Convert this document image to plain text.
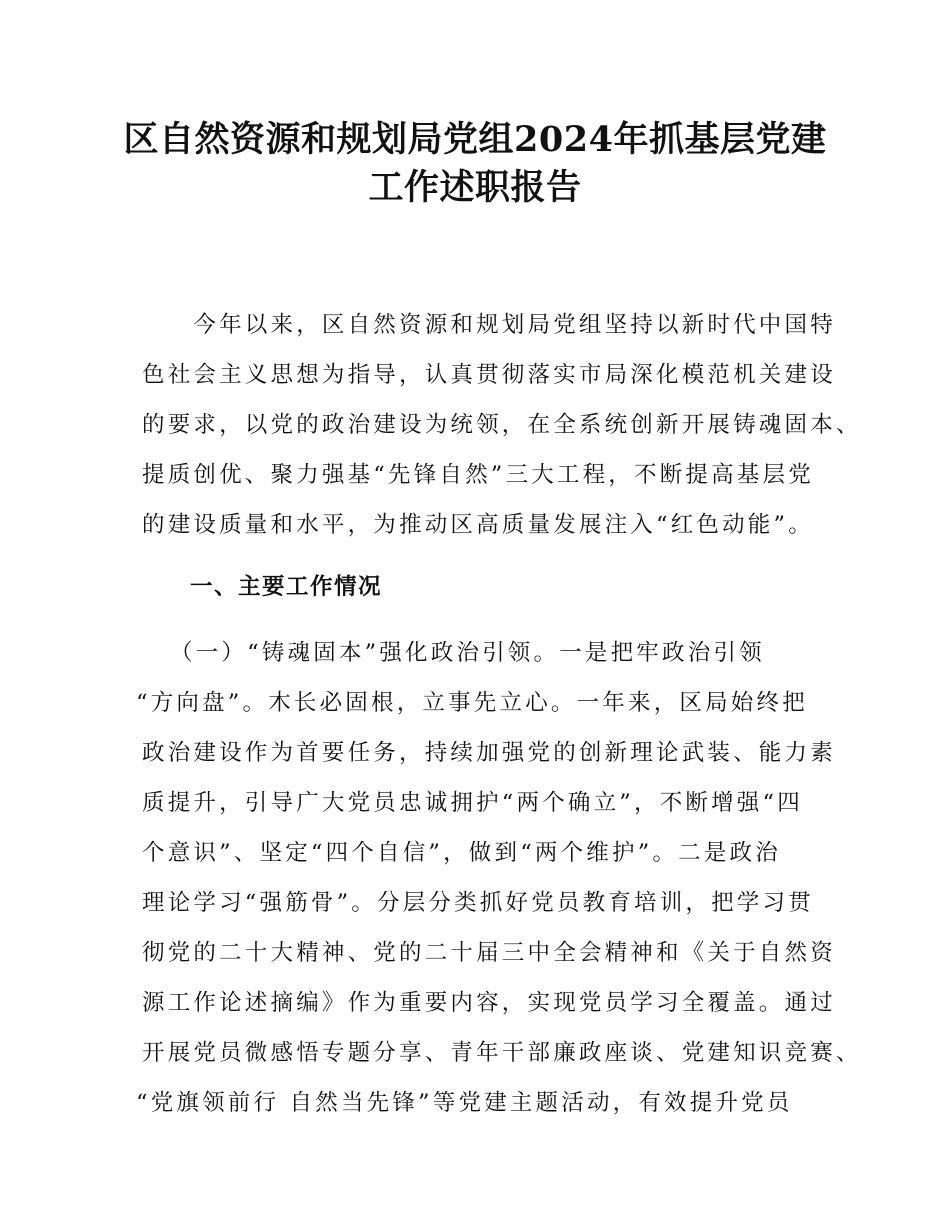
区自然资源和规划局党组2024年抓基层党建
工作述职报告

　　今年以来，区自然资源和规划局党组坚持以新时代中国特

色社会主义思想为指导，认真贯彻落实市局深化模范机关建设

的要求，以党的政治建设为统领，在全系统创新开展铸魂固本、

提质创优、聚力强基“先锋自然”三大工程，不断提高基层党

的建设质量和水平，为推动区高质量发展注入“红色动能”。

一、主要工作情况

（一）“铸魂固本”强化政治引领。一是把牢政治引领

“方向盘”。木长必固根，立事先立心。一年来，区局始终把

政治建设作为首要任务，持续加强党的创新理论武装、能力素

质提升，引导广大党员忠诚拥护“两个确立”，不断增强“四

个意识”、坚定“四个自信”，做到“两个维护”。二是政治

理论学习“强筋骨”。分层分类抓好党员教育培训，把学习贯

彻党的二十大精神、党的二十届三中全会精神和《关于自然资

源工作论述摘编》作为重要内容，实现党员学习全覆盖。通过

开展党员微感悟专题分享、青年干部廉政座谈、党建知识竞赛、

“党旗领前行 自然当先锋”等党建主题活动，有效提升党员
